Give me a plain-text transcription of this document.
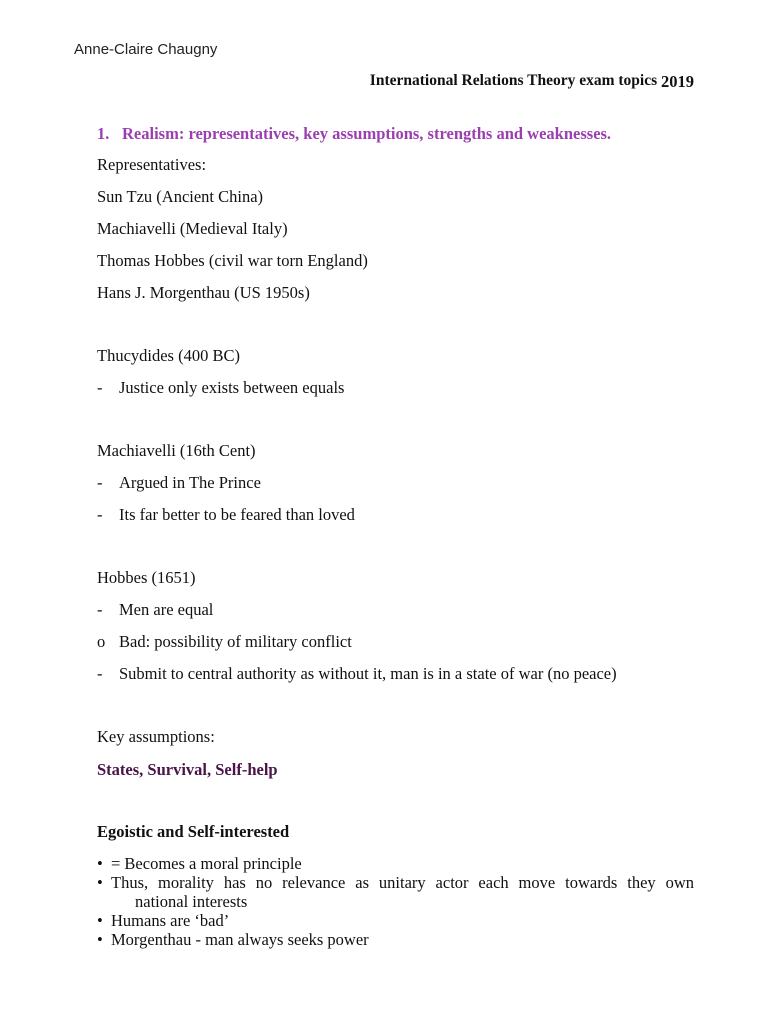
Anne-Claire Chaugny
International Relations Theory exam topics 2019
1. Realism: representatives, key assumptions, strengths and weaknesses.
Representatives:
Sun Tzu (Ancient China)
Machiavelli (Medieval Italy)
Thomas Hobbes (civil war torn England)
Hans J. Morgenthau (US 1950s)
Thucydides (400 BC)
- Justice only exists between equals
Machiavelli (16th Cent)
- Argued in The Prince
- Its far better to be feared than loved
Hobbes (1651)
- Men are equal
o Bad: possibility of military conflict
- Submit to central authority as without it, man is in a state of war (no peace)
Key assumptions:
States, Survival, Self-help
Egoistic and Self-interested
• = Becomes a moral principle
• Thus, morality has no relevance as unitary actor each move towards they own
national interests
• Humans are ‘bad’
• Morgenthau - man always seeks power
